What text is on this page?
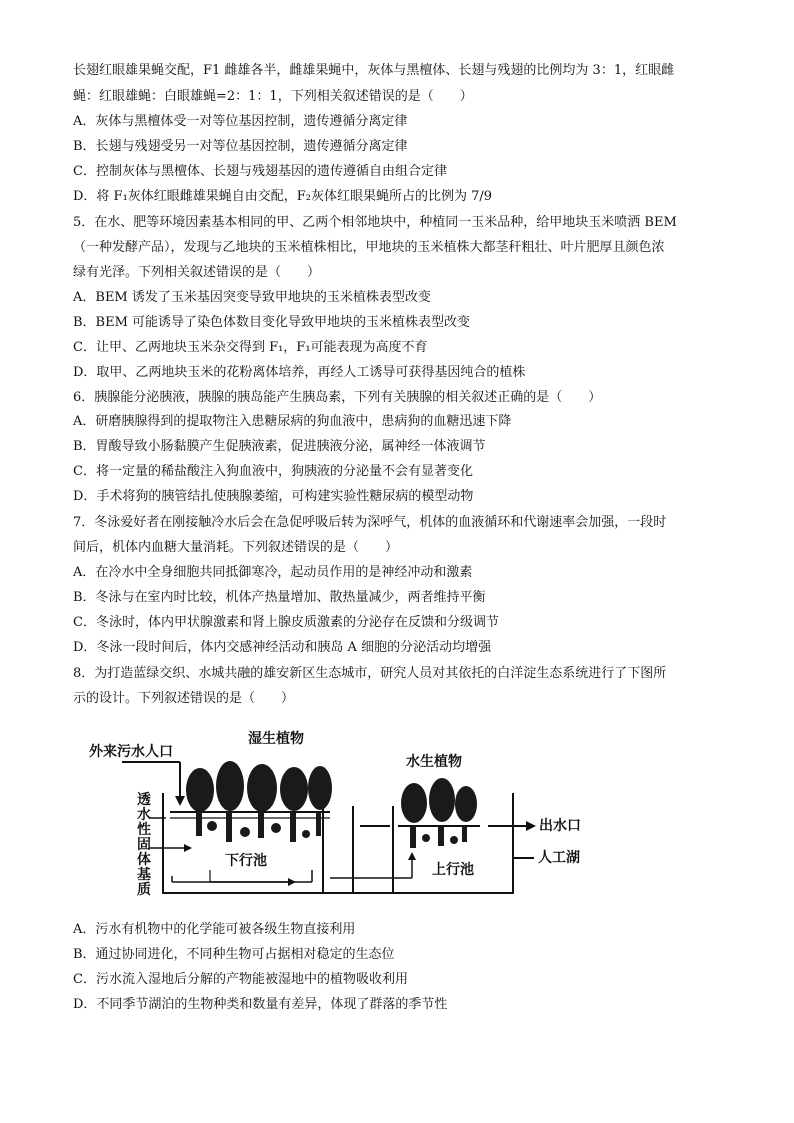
长翅红眼雄果蝇交配，F1 雌雄各半，雌雄果蝇中，灰体与黑檀体、长翅与残翅的比例均为 3：1，红眼雌
蝇：红眼雄蝇：白眼雄蝇=2：1：1，下列相关叙述错误的是（　　）
A．灰体与黑檀体受一对等位基因控制，遗传遵循分离定律
B．长翅与残翅受另一对等位基因控制，遗传遵循分离定律
C．控制灰体与黑檀体、长翅与残翅基因的遗传遵循自由组合定律
D．将 F₁灰体红眼雌雄果蝇自由交配，F₂灰体红眼果蝇所占的比例为 7/9
5．在水、肥等环境因素基本相同的甲、乙两个相邻地块中，种植同一玉米品种，给甲地块玉米喷洒 BEM
（一种发酵产品），发现与乙地块的玉米植株相比，甲地块的玉米植株大都茎秆粗壮、叶片肥厚且颜色浓
绿有光泽。下列相关叙述错误的是（　　）
A．BEM 诱发了玉米基因突变导致甲地块的玉米植株表型改变
B．BEM 可能诱导了染色体数目变化导致甲地块的玉米植株表型改变
C．让甲、乙两地块玉米杂交得到 F₁，F₁可能表现为高度不育
D．取甲、乙两地块玉米的花粉离体培养，再经人工诱导可获得基因纯合的植株
6．胰腺能分泌胰液，胰腺的胰岛能产生胰岛素，下列有关胰腺的相关叙述正确的是（　　）
A．研磨胰腺得到的提取物注入患糖尿病的狗血液中，患病狗的血糖迅速下降
B．胃酸导致小肠黏膜产生促胰液素，促进胰液分泌，属神经一体液调节
C．将一定量的稀盐酸注入狗血液中，狗胰液的分泌量不会有显著变化
D．手术将狗的胰管结扎使胰腺萎缩，可构建实验性糖尿病的模型动物
7．冬泳爱好者在刚接触冷水后会在急促呼吸后转为深呼气，机体的血液循环和代谢速率会加强，一段时
间后，机体内血糖大量消耗。下列叙述错误的是（　　）
A．在冷水中全身细胞共同抵御寒冷，起动员作用的是神经冲动和激素
B．冬泳与在室内时比较，机体产热量增加、散热量减少，两者维持平衡
C．冬泳时，体内甲状腺激素和肾上腺皮质激素的分泌存在反馈和分级调节
D．冬泳一段时间后，体内交感神经活动和胰岛 A 细胞的分泌活动均增强
8．为打造蓝绿交织、水城共融的雄安新区生态城市，研究人员对其依托的白洋淀生态系统进行了下图所
示的设计。下列叙述错误的是（　　）
外来污水人口
湿生植物
水生植物
出水口
人工湖
下行池
上行池
透
水
性
固
体
基
质
A．污水有机物中的化学能可被各级生物直接利用
B．通过协同进化，不同种生物可占据相对稳定的生态位
C．污水流入湿地后分解的产物能被湿地中的植物吸收利用
D．不同季节湖泊的生物种类和数量有差异，体现了群落的季节性
